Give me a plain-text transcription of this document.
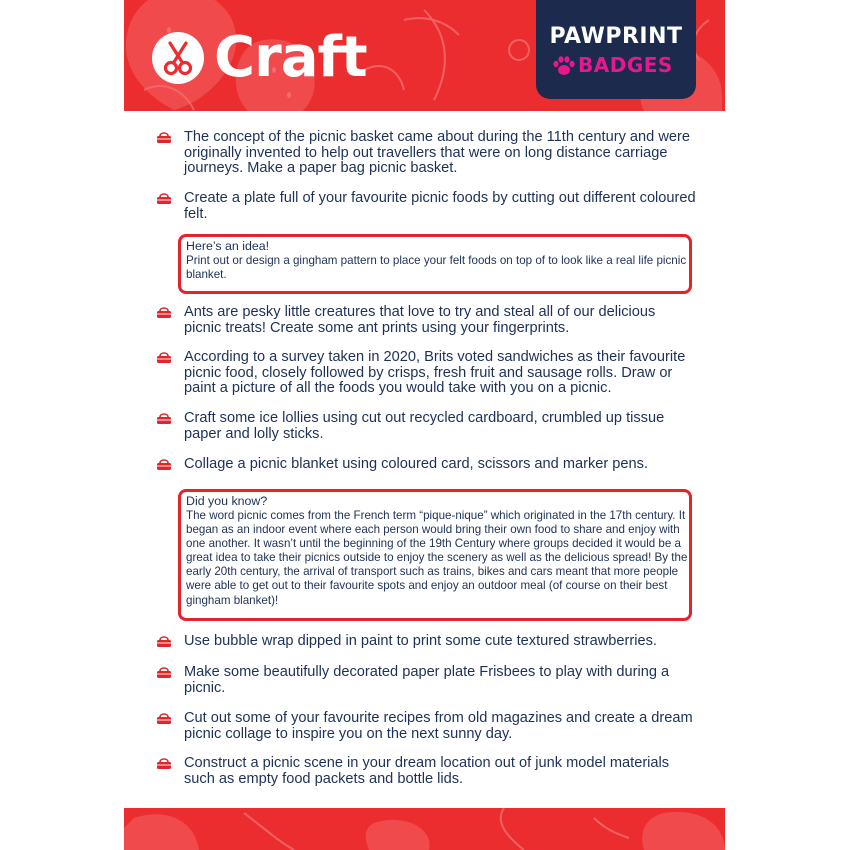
Craft	PAWPRINT
BADGES
The concept of the picnic basket came about during the 11th century and were originally invented to help out travellers that were on long distance carriage journeys. Make a paper bag picnic basket.
Create a plate full of your favourite picnic foods by cutting out different coloured felt.
Here’s an idea!
Print out or design a gingham pattern to place your felt foods on top of to look like a real life picnic blanket.
Ants are pesky little creatures that love to try and steal all of our delicious picnic treats! Create some ant prints using your fingerprints.
According to a survey taken in 2020, Brits voted sandwiches as their favourite picnic food, closely followed by crisps, fresh fruit and sausage rolls. Draw or paint a picture of all the foods you would take with you on a picnic.
Craft some ice lollies using cut out recycled cardboard, crumbled up tissue paper and lolly sticks.
Collage a picnic blanket using coloured card, scissors and marker pens.
Did you know?
The word picnic comes from the French term “pique-nique” which originated in the 17th century. It began as an indoor event where each person would bring their own food to share and enjoy with one another. It wasn’t until the beginning of the 19th Century where groups decided it would be a great idea to take their picnics outside to enjoy the scenery as well as the delicious spread! By the early 20th century, the arrival of transport such as trains, bikes and cars meant that more people were able to get out to their favourite spots and enjoy an outdoor meal (of course on their best gingham blanket)!
Use bubble wrap dipped in paint to print some cute textured strawberries.
Make some beautifully decorated paper plate Frisbees to play with during a picnic.
Cut out some of your favourite recipes from old magazines and create a dream picnic collage to inspire you on the next sunny day.
Construct a picnic scene in your dream location out of junk model materials such as empty food packets and bottle lids.
